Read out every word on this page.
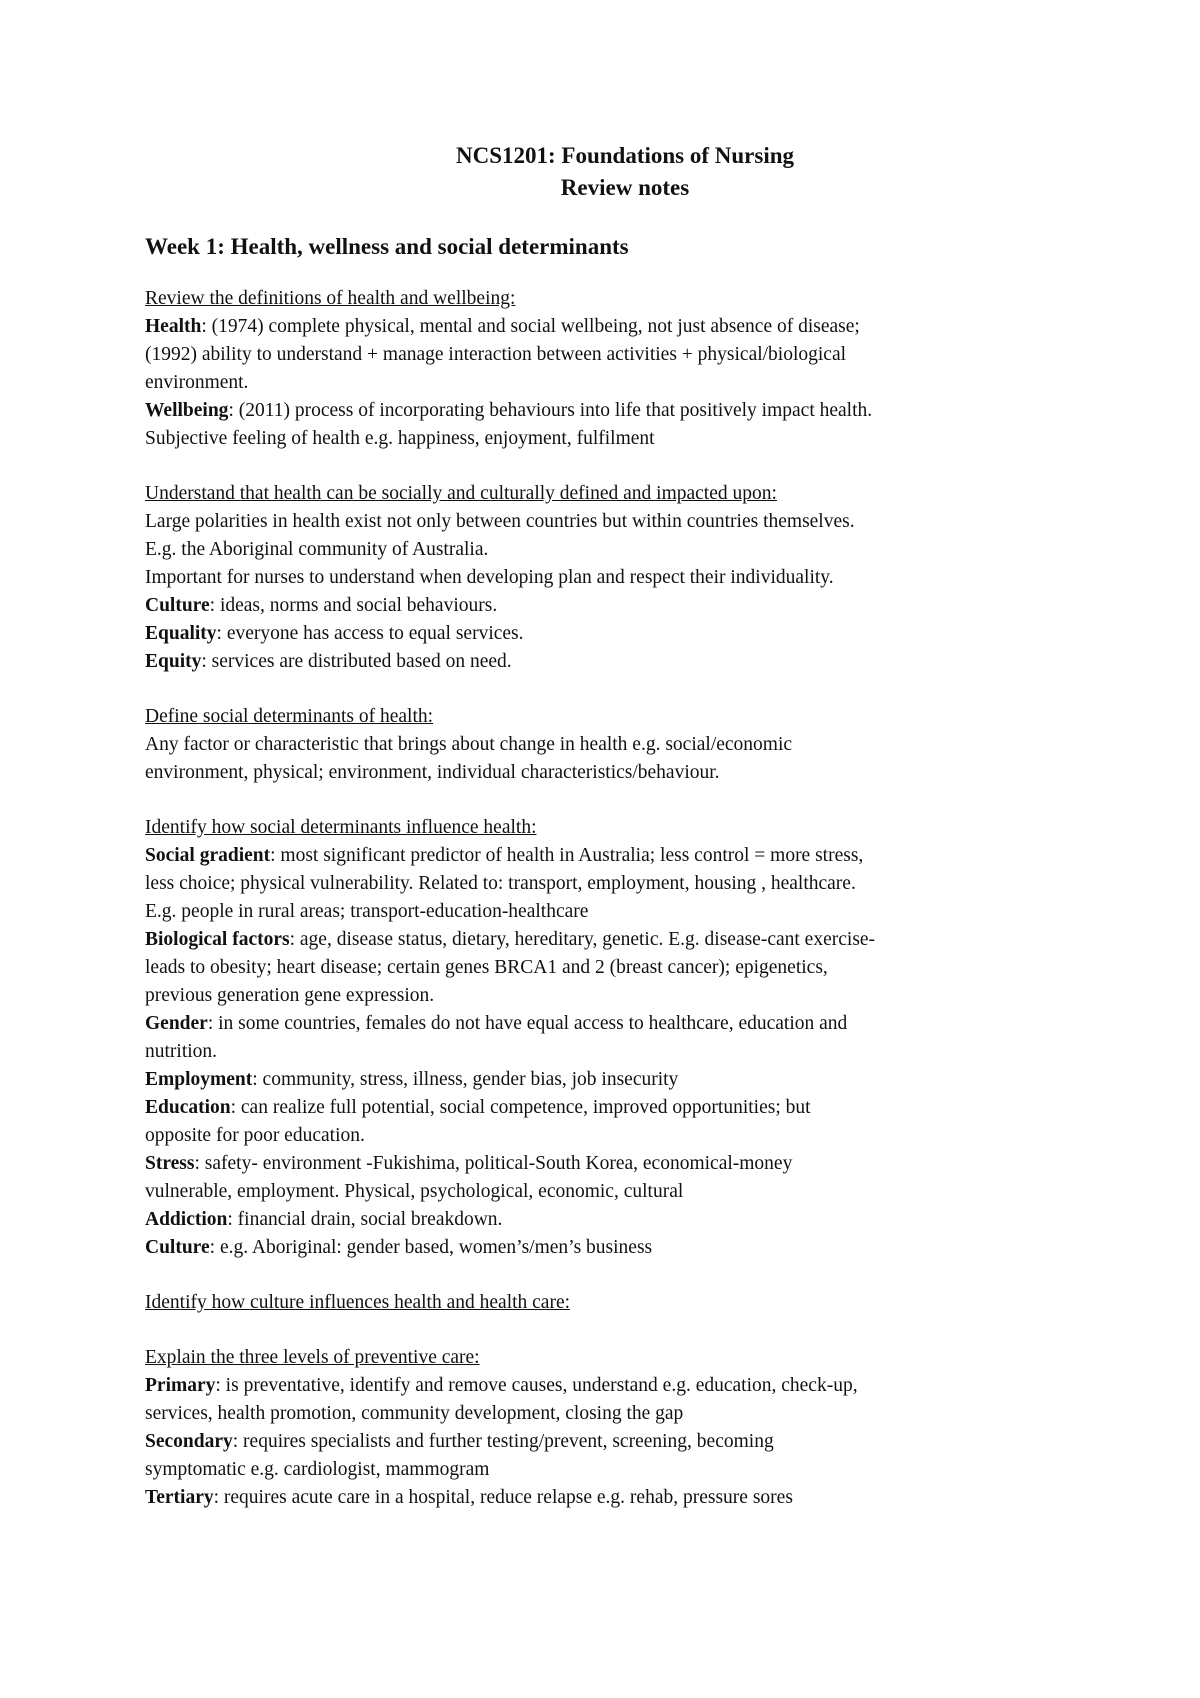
NCS1201: Foundations of Nursing
Review notes
Week 1: Health, wellness and social determinants
Review the definitions of health and wellbeing:
Health: (1974) complete physical, mental and social wellbeing, not just absence of disease;
(1992) ability to understand + manage interaction between activities + physical/biological
environment.
Wellbeing: (2011) process of incorporating behaviours into life that positively impact health.
Subjective feeling of health e.g. happiness, enjoyment, fulfilment
Understand that health can be socially and culturally defined and impacted upon:
Large polarities in health exist not only between countries but within countries themselves.
E.g. the Aboriginal community of Australia.
Important for nurses to understand when developing plan and respect their individuality.
Culture: ideas, norms and social behaviours.
Equality: everyone has access to equal services.
Equity: services are distributed based on need.
Define social determinants of health:
Any factor or characteristic that brings about change in health e.g. social/economic
environment, physical; environment, individual characteristics/behaviour.
Identify how social determinants influence health:
Social gradient: most significant predictor of health in Australia; less control = more stress,
less choice; physical vulnerability. Related to: transport, employment, housing , healthcare.
E.g. people in rural areas; transport-education-healthcare
Biological factors: age, disease status, dietary, hereditary, genetic. E.g. disease-cant exercise-
leads to obesity; heart disease; certain genes BRCA1 and 2 (breast cancer); epigenetics,
previous generation gene expression.
Gender: in some countries, females do not have equal access to healthcare, education and
nutrition.
Employment: community, stress, illness, gender bias, job insecurity
Education: can realize full potential, social competence, improved opportunities; but
opposite for poor education.
Stress: safety- environment -Fukishima, political-South Korea, economical-money
vulnerable, employment. Physical, psychological, economic, cultural
Addiction: financial drain, social breakdown.
Culture: e.g. Aboriginal: gender based, women’s/men’s business
Identify how culture influences health and health care:
Explain the three levels of preventive care:
Primary: is preventative, identify and remove causes, understand e.g. education, check-up,
services, health promotion, community development, closing the gap
Secondary: requires specialists and further testing/prevent, screening, becoming
symptomatic e.g. cardiologist, mammogram
Tertiary: requires acute care in a hospital, reduce relapse e.g. rehab, pressure sores
